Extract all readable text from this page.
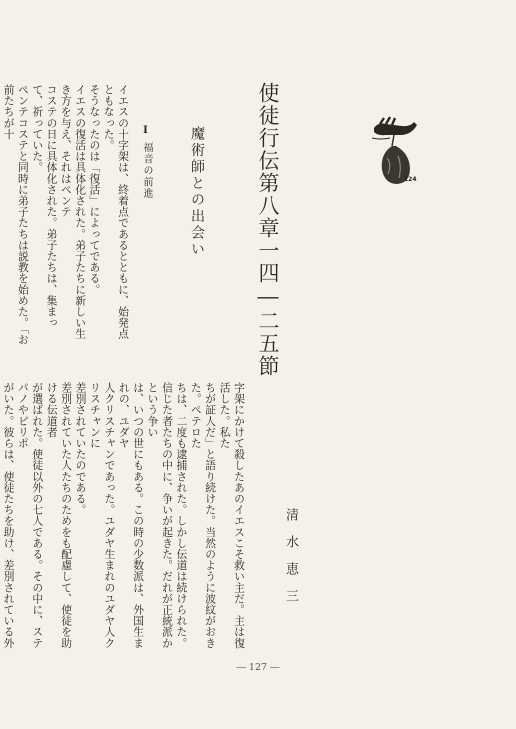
使徒行伝第八章一四―二五節
魔術師との出会い
Ⅰ
福音の前進

イエスの十字架は、終着点であるとともに、始発点ともなった。

そうなったのは「復活」によってである。

イエスの復活は具体化された。弟子たちに新しい生き方を与え、それはペンテ

コステの日に具体化された。弟子たちは、集まって、祈っていた。

ペンテコステと同時に弟子たちは説教を始めた。「お前たちが十

字架にかけて殺したあのイエスこそ救い主だ。主は復活した。私た

ちが証人だ」と語り続けた。当然のように波紋がおきた。ペテロた

ちは、二度も逮捕された。しかし伝道は続けられた。

信じた者たちの中に、争いが起きた。だれが正統派かという争い

は、いつの世にもある。この時の少数派は、外国生まれの、ユダヤ

人クリスチャンであった。ユダヤ生まれのユダヤ人クリスチャンに

差別されていたのである。

差別されていた人たちのためをも配慮して、使徒を助ける伝道者

が選ばれた。使徒以外の七人である。その中に、ステパノやピリポ

がいた。彼らは、使徒たちを助け、差別されている外

清水恵三
124
― 127 ―
